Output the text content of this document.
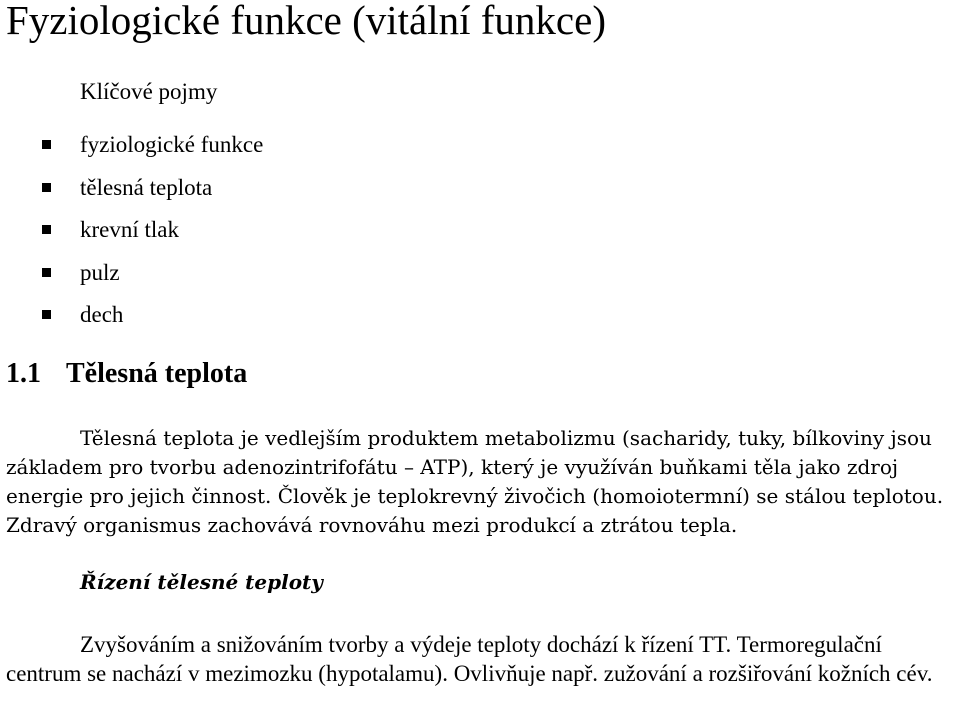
Fyziologické funkce (vitální funkce)
Klíčové pojmy
fyziologické funkce
tělesná teplota
krevní tlak
pulz
dech
1.1 Tělesná teplota

Tělesná teplota je vedlejším produktem metabolizmu (sacharidy, tuky, bílkoviny jsou základem pro tvorbu adenozintrifofátu – ATP), který je využíván buňkami těla jako zdroj energie pro jejich činnost. Člověk je teplokrevný živočich (homoiotermní) se stálou teplotou. Zdravý organismus zachovává rovnováhu mezi produkcí a ztrátou tepla.

Řízení tělesné teploty

Zvyšováním a snižováním tvorby a výdeje teploty dochází k řízení TT. Termoregulační centrum se nachází v mezimozku (hypotalamu). Ovlivňuje např. zužování a rozšiřování kožních cév.
